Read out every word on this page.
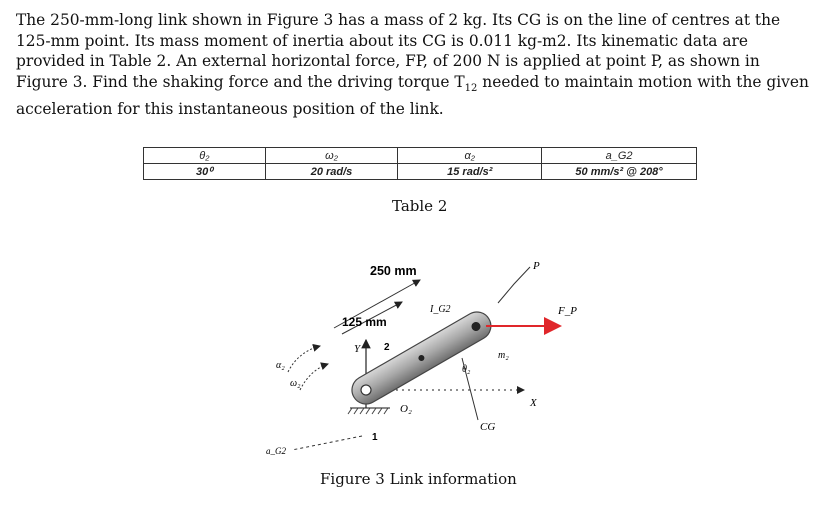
The 250-mm-long link shown in Figure 3 has a mass of 2 kg. Its CG is on the line of centres at the 125-mm point. Its mass moment of inertia about its CG is 0.011 kg-m2. Its kinematic data are provided in Table 2. An external horizontal force, FP, of 200 N is applied at point P, as shown in Figure 3. Find the shaking force and the driving torque $T_{12}$ needed to maintain motion with the given acceleration for this instantaneous position of the link.

θ₂	ω₂	α₂	a_G2
30⁰	20 rad/s	15 rad/s²	50 mm/s² @ 208°
Table 2
Y
X
250 mm
125 mm
P
F_P
I_G2
m₂
θ₂
2
1
O₂
CG
α₂
ω₂
a_G2
Figure 3 Link information
